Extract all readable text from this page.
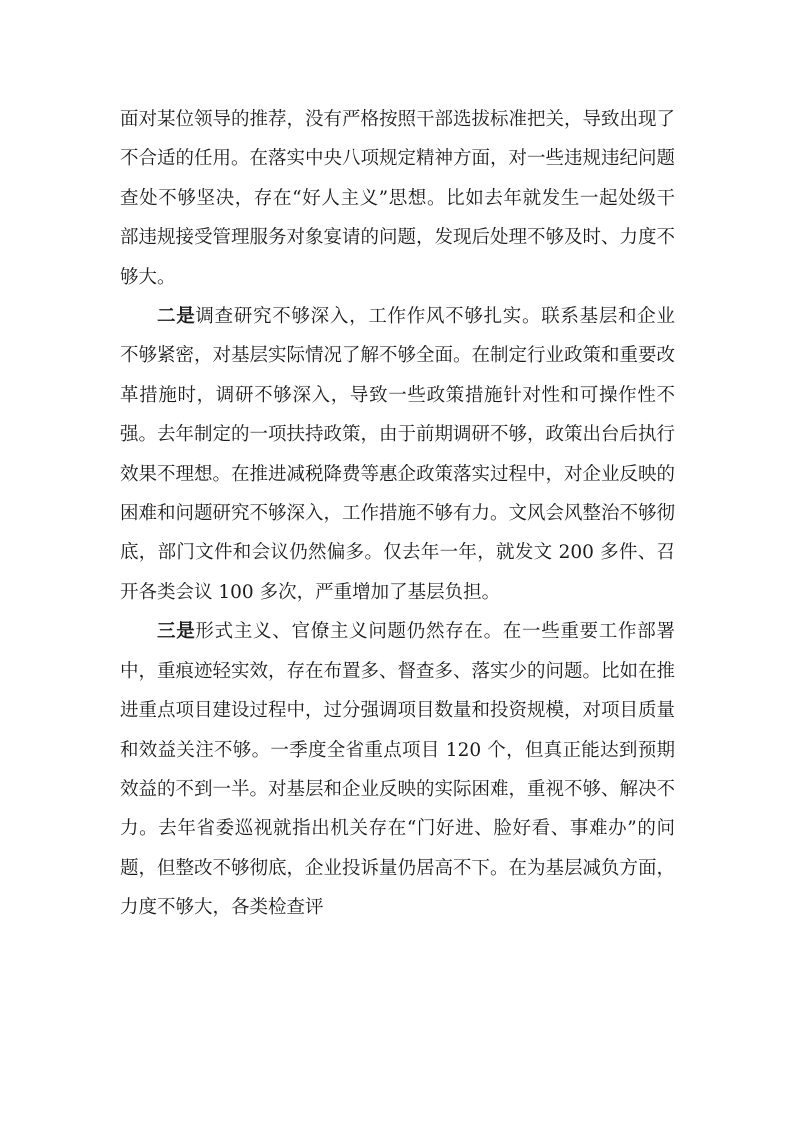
面对某位领导的推荐，没有严格按照干部选拔标准把关，导致出现了不合适的任用。在落实中央八项规定精神方面，对一些违规违纪问题查处不够坚决，存在“好人主义”思想。比如去年就发生一起处级干部违规接受管理服务对象宴请的问题，发现后处理不够及时、力度不够大。

二是调查研究不够深入，工作作风不够扎实。联系基层和企业不够紧密，对基层实际情况了解不够全面。在制定行业政策和重要改革措施时，调研不够深入，导致一些政策措施针对性和可操作性不强。去年制定的一项扶持政策，由于前期调研不够，政策出台后执行效果不理想。在推进减税降费等惠企政策落实过程中，对企业反映的困难和问题研究不够深入，工作措施不够有力。文风会风整治不够彻底，部门文件和会议仍然偏多。仅去年一年，就发文 200 多件、召开各类会议 100 多次，严重增加了基层负担。

三是形式主义、官僚主义问题仍然存在。在一些重要工作部署中，重痕迹轻实效，存在布置多、督查多、落实少的问题。比如在推进重点项目建设过程中，过分强调项目数量和投资规模，对项目质量和效益关注不够。一季度全省重点项目 120 个，但真正能达到预期效益的不到一半。对基层和企业反映的实际困难，重视不够、解决不力。去年省委巡视就指出机关存在“门好进、脸好看、事难办”的问题，但整改不够彻底，企业投诉量仍居高不下。在为基层减负方面，力度不够大，各类检查评
